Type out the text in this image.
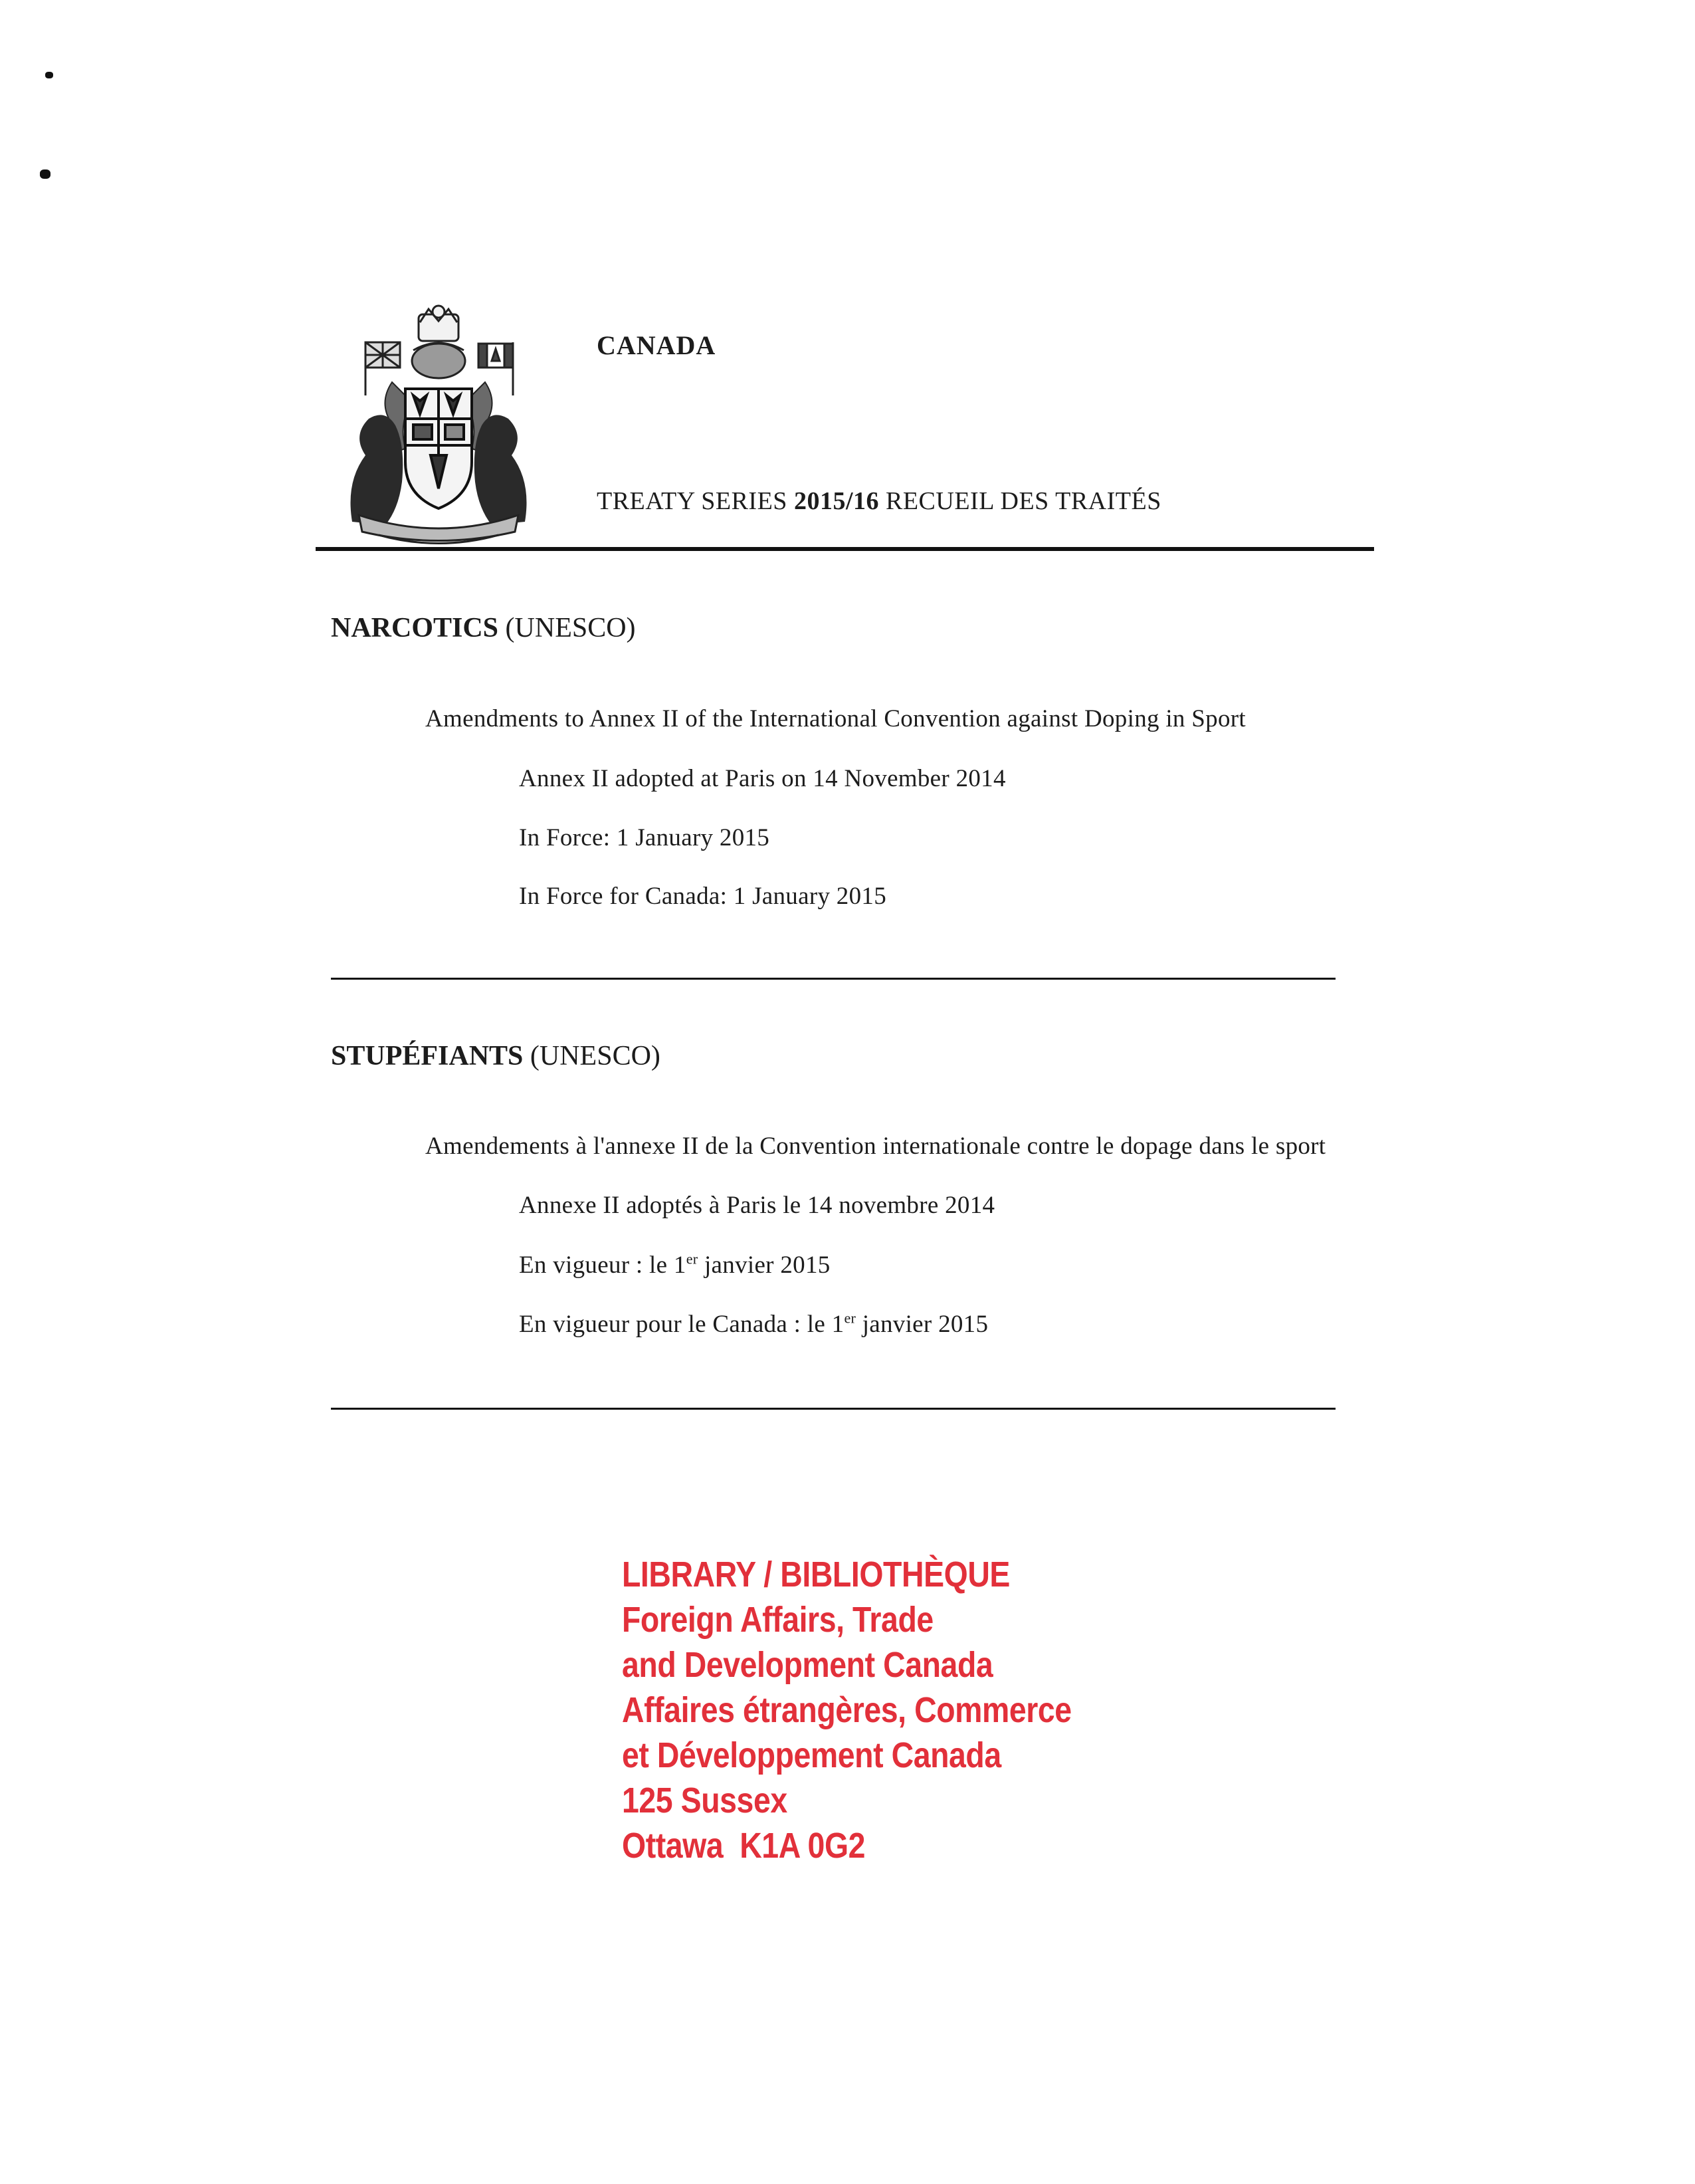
CANADA
TREATY SERIES 2015/16 RECUEIL DES TRAITÉS
NARCOTICS (UNESCO)
Amendments to Annex II of the International Convention against Doping in Sport
Annex II adopted at Paris on 14 November 2014
In Force: 1 January 2015
In Force for Canada: 1 January 2015
STUPÉFIANTS (UNESCO)
Amendements à l'annexe II de la Convention internationale contre le dopage dans le sport
Annexe II adoptés à Paris le 14 novembre 2014
En vigueur : le 1er janvier 2015
En vigueur pour le Canada : le 1er janvier 2015
LIBRARY / BIBLIOTHÈQUE
Foreign Affairs, Trade
and Development Canada
Affaires étrangères, Commerce
et Développement Canada
125 Sussex
Ottawa  K1A 0G2
